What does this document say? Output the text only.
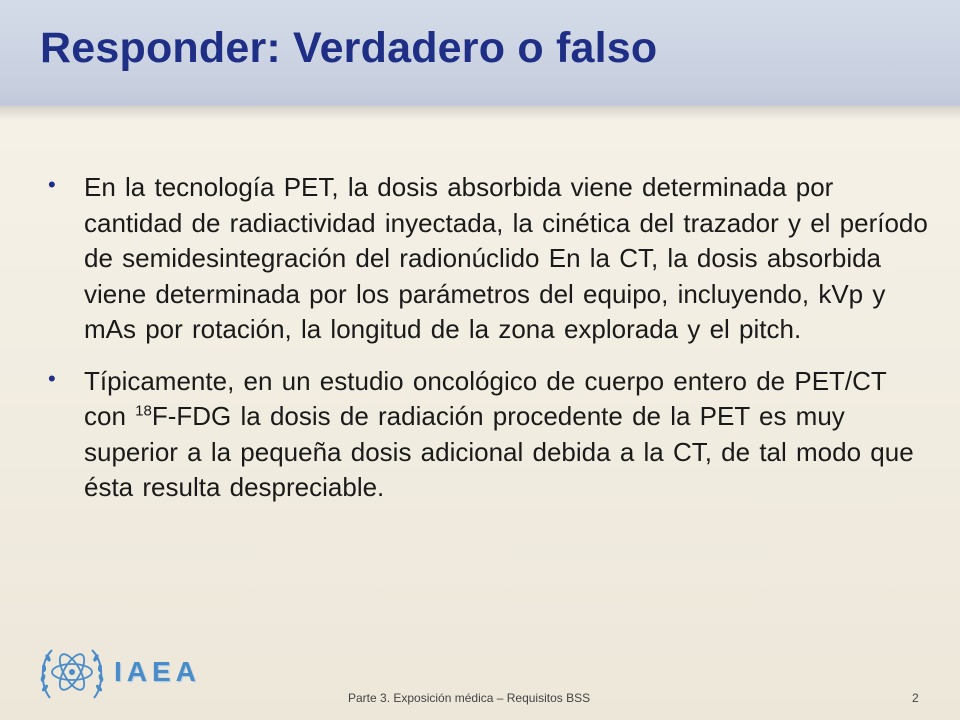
Responder: Verdadero o falso
• En la tecnología PET, la dosis absorbida viene determinada por cantidad de radiactividad inyectada, la cinética del trazador y el período de semidesintegración del radionúclido En la CT, la dosis absorbida viene determinada por los parámetros del equipo, incluyendo, kVp y mAs por rotación, la longitud de la zona explorada y el pitch.
• Típicamente, en un estudio oncológico de cuerpo entero de PET/CT con $^{18}$F-FDG la dosis de radiación procedente de la PET es muy superior a la pequeña dosis adicional debida a la CT, de tal modo que ésta resulta despreciable.
IAEA
Parte 3. Exposición médica – Requisitos BSS	2
